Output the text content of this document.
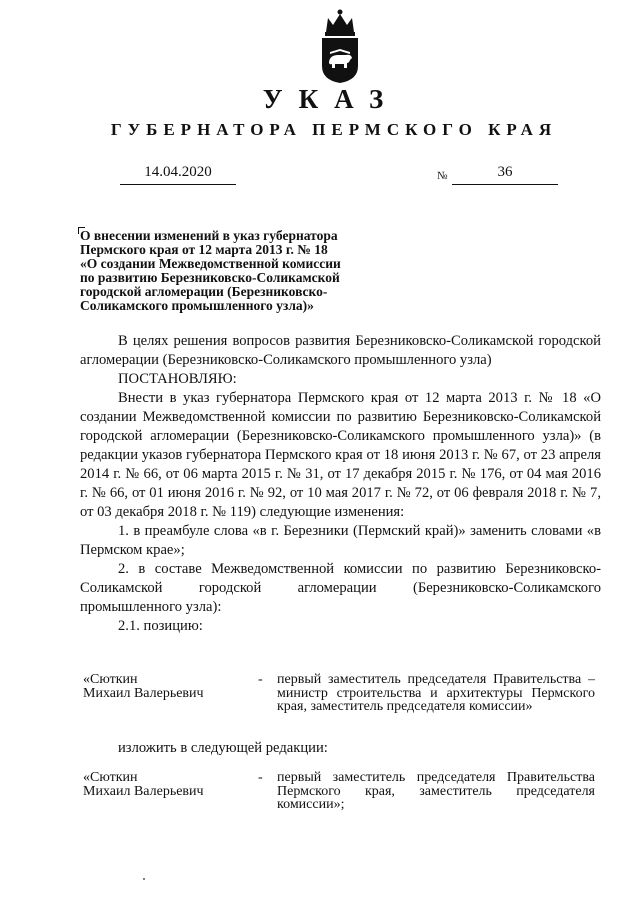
УКАЗ
ГУБЕРНАТОРА ПЕРМСКОГО КРАЯ
14.04.2020	№	36
О внесении изменений в указ губернатора
Пермского края от 12 марта 2013 г. № 18
«О создании Межведомственной комиссии
по развитию Березниковско-Соликамской
городской агломерации (Березниковско-
Соликамского промышленного узла)»

В целях решения вопросов развития Березниковско-Соликамской городской агломерации (Березниковско-Соликамского промышленного узла)

ПОСТАНОВЛЯЮ:

Внести в указ губернатора Пермского края от 12 марта 2013 г. № 18 «О создании Межведомственной комиссии по развитию Березниковско-Соликамской городской агломерации (Березниковско-Соликамского промышленного узла)» (в редакции указов губернатора Пермского края от 18 июня 2013 г. № 67, от 23 апреля 2014 г. № 66, от 06 марта 2015 г. № 31, от 17 декабря 2015 г. № 176, от 04 мая 2016 г. № 66, от 01 июня 2016 г. № 92, от 10 мая 2017 г. № 72, от 06 февраля 2018 г. № 7, от 03 декабря 2018 г. № 119) следующие изменения:

1. в преамбуле слова «в г. Березники (Пермский край)» заменить словами «в Пермском крае»;

2. в составе Межведомственной комиссии по развитию Березниковско-Соликамской городской агломерации (Березниковско-Соликамского промышленного узла):

2.1. позицию:

«Сюткин
Михаил Валерьевич
- первый заместитель председателя Правительства – министр строительства и архитектуры Пермского края, заместитель председателя комиссии»
изложить в следующей редакции:
«Сюткин
Михаил Валерьевич
- первый заместитель председателя Правительства Пермского края, заместитель председателя комиссии»;
